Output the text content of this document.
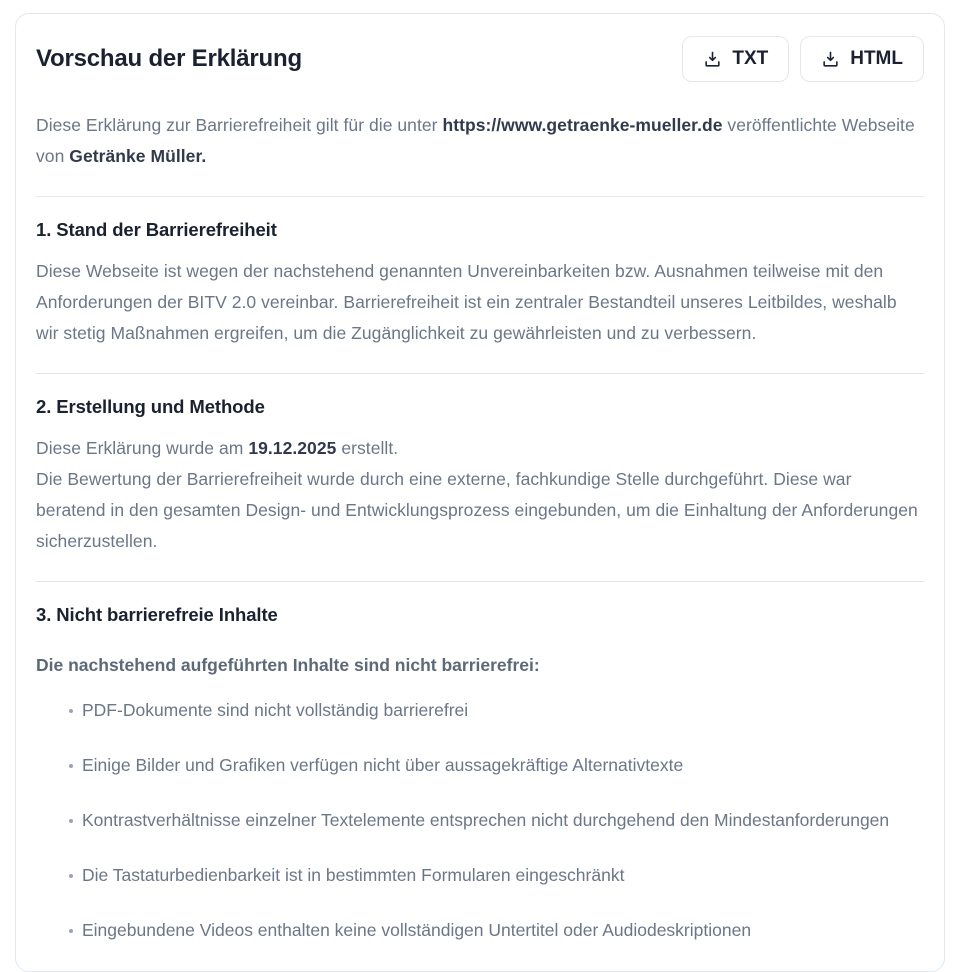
Vorschau der Erklärung	TXT	HTML

Diese Erklärung zur Barrierefreiheit gilt für die unter https://www.getraenke-mueller.de veröffentlichte Webseite von Getränke Müller.

1. Stand der Barrierefreiheit

Diese Webseite ist wegen der nachstehend genannten Unvereinbarkeiten bzw. Ausnahmen teilweise mit den Anforderungen der BITV 2.0 vereinbar. Barrierefreiheit ist ein zentraler Bestandteil unseres Leitbildes, weshalb wir stetig Maßnahmen ergreifen, um die Zugänglichkeit zu gewährleisten und zu verbessern.

2. Erstellung und Methode

Diese Erklärung wurde am 19.12.2025 erstellt.
Die Bewertung der Barrierefreiheit wurde durch eine externe, fachkundige Stelle durchgeführt. Diese war beratend in den gesamten Design- und Entwicklungsprozess eingebunden, um die Einhaltung der Anforderungen sicherzustellen.

3. Nicht barrierefreie Inhalte

Die nachstehend aufgeführten Inhalte sind nicht barrierefrei:

PDF-Dokumente sind nicht vollständig barrierefrei
Einige Bilder und Grafiken verfügen nicht über aussagekräftige Alternativtexte
Kontrastverhältnisse einzelner Textelemente entsprechen nicht durchgehend den Mindestanforderungen
Die Tastaturbedienbarkeit ist in bestimmten Formularen eingeschränkt
Eingebundene Videos enthalten keine vollständigen Untertitel oder Audiodeskriptionen
